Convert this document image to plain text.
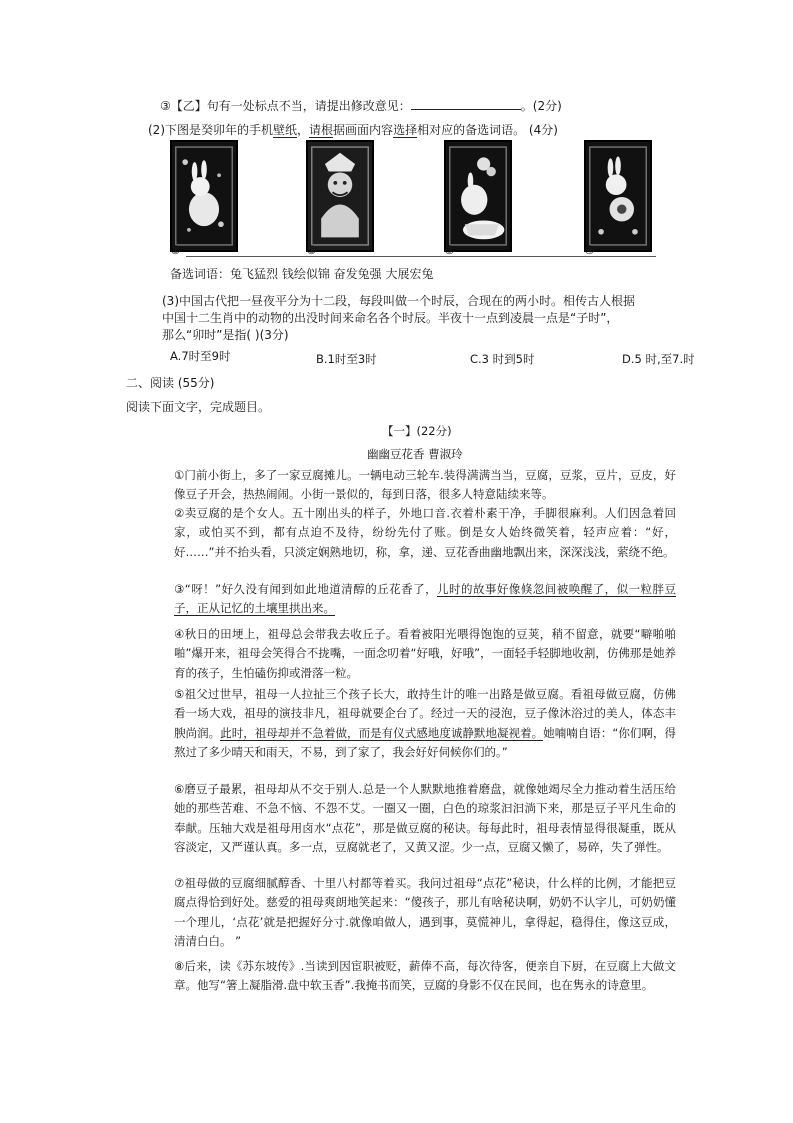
③【乙】句有一处标点不当，请提出修改意见：	。(2分)
(2)下图是癸卯年的手机壁纸，请根据画面内容选择相对应的备选词语。 (4分)
①	②	③	④
备选词语：兔飞猛烈 钱绘似锦 奋发兔强 大展宏兔
(3)中国古代把一昼夜平分为十二段，每段叫做一个时辰，合现在的两小时。相传古人根据
中国十二生肖中的动物的出没时间来命名各个时辰。半夜十一点到凌晨一点是“子时”，
那么“卯时”是指( )(3分)
A.7时至9时	B.1时至3时	C.3 时到5时	D.5 时,至7.时
二、阅读 (55分)
阅读下面文字，完成题目。
【一】(22分)
幽幽豆花香 曹淑玲
①门前小街上，多了一家豆腐摊儿。一辆电动三轮车.装得满满当当，豆腐，豆浆，豆片，豆皮，好像豆子开会，热热闹闹。小街一景似的，每到日落，很多人特意陆续来等。
②卖豆腐的是个女人。五十刚出头的样子，外地口音.衣着朴素干净，手脚很麻利。人们因急着回家，或怕买不到，都有点迫不及待，纷纷先付了账。倒是女人始终微笑着，轻声应着：“好，好……”并不抬头看，只淡定娴熟地切，称，拿，递、豆花香曲幽地飘出来，深深浅浅，萦绕不绝。
③“呀！”好久没有闻到如此地道清醇的丘花香了，儿时的故事好像倏忽间被唤醒了，似一粒胖豆子，正从记忆的土壤里拱出来。
④秋日的田埂上，祖母总会带我去收丘子。看着被阳光喂得饱饱的豆荚，稍不留意，就要“噼啪啪啪”爆开来，祖母会笑得合不拢嘴，一面念叨着“好哦，好哦”，一面轻手轻脚地收割，仿佛那是她养育的孩子，生怕磕伤抑或滑落一粒。
⑤祖父过世早，祖母一人拉扯三个孩子长大，敢持生计的唯一出路是做豆腐。看祖母做豆腐，仿佛看一场大戏，祖母的演技非凡，祖母就要企台了。经过一天的浸泡，豆子像沐浴过的美人，体态丰腴尚润。此时，祖母却并不急着做，而是有仪式感地度诚静默地凝视着。她喃喃自语：“你们啊，得熬过了多少晴天和雨天，不易，到了家了，我会好好伺候你们的。”
⑥磨豆子最累，祖母却从不交于别人.总是一个人默默地推着磨盘，就像她竭尽全力推动着生活压给她的那些苦难、不急不恼、不怨不艾。一圈又一圈，白色的琼浆汩汩淌下来，那是豆子平凡生命的奉献。压轴大戏是祖母用卤水“点花”，那是做豆腐的秘诀。每每此时，祖母表情显得很凝重，既从容淡定，又严谨认真。多一点，豆腐就老了，又黄又涩。少一点，豆腐又懒了，易碎，失了弹性。
⑦祖母做的豆腐细腻醇香、十里八村都等着买。我问过祖母“点花”秘诀，什么样的比例，才能把豆腐点得恰到好处。慈爱的祖母爽朗地笑起来：“傻孩子，那儿有啥秘诀啊，奶奶不认字儿，可奶奶懂一个理儿，‘点花’就是把握好分寸.就像咱做人，遇到事，莫慌神儿，拿得起，稳得住，像这豆成，清清白白。 ”
⑧后来，读《苏东坡传》.当读到因宦职被贬，薪俸不高，每次待客，便亲自下厨，在豆腐上大做文章。他写“箸上凝脂滑.盘中软玉香”.我掩书而笑，豆腐的身影不仅在民间，也在隽永的诗意里。
